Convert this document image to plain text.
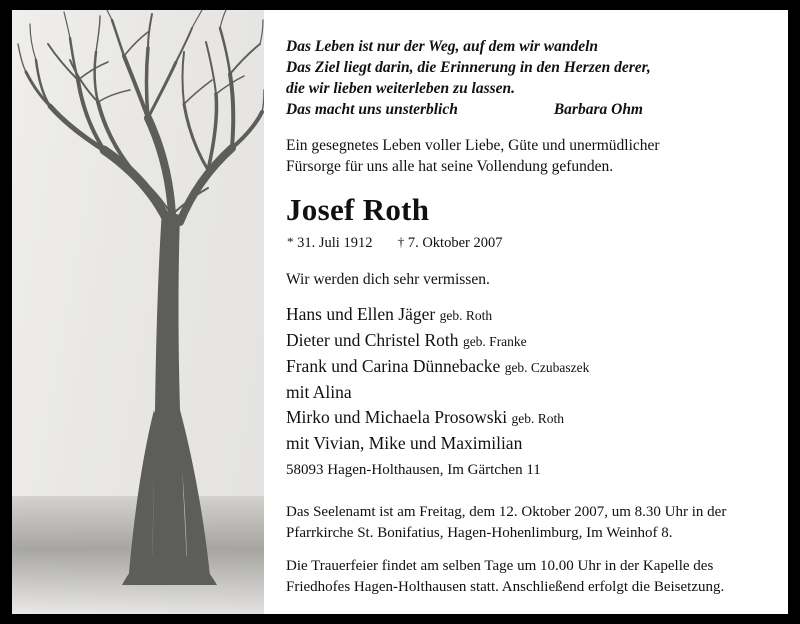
Das Leben ist nur der Weg, auf dem wir wandeln
Das Ziel liegt darin, die Erinnerung in den Herzen derer,
die wir lieben weiterleben zu lassen.
Das macht uns unsterblich	Barbara Ohm
Ein gesegnetes Leben voller Liebe, Güte und unermüdlicher
Fürsorge für uns alle hat seine Vollendung gefunden.
Josef Roth
* 31. Juli 1912 † 7. Oktober 2007
Wir werden dich sehr vermissen.
Hans und Ellen Jäger geb. Roth
Dieter und Christel Roth geb. Franke
Frank und Carina Dünnebacke geb. Czubaszek
mit Alina
Mirko und Michaela Prosowski geb. Roth
mit Vivian, Mike und Maximilian
58093 Hagen-Holthausen, Im Gärtchen 11
Das Seelenamt ist am Freitag, dem 12. Oktober 2007, um 8.30 Uhr in der
Pfarrkirche St. Bonifatius, Hagen-Hohenlimburg, Im Weinhof 8.
Die Trauerfeier findet am selben Tage um 10.00 Uhr in der Kapelle des
Friedhofes Hagen-Holthausen statt. Anschließend erfolgt die Beisetzung.
